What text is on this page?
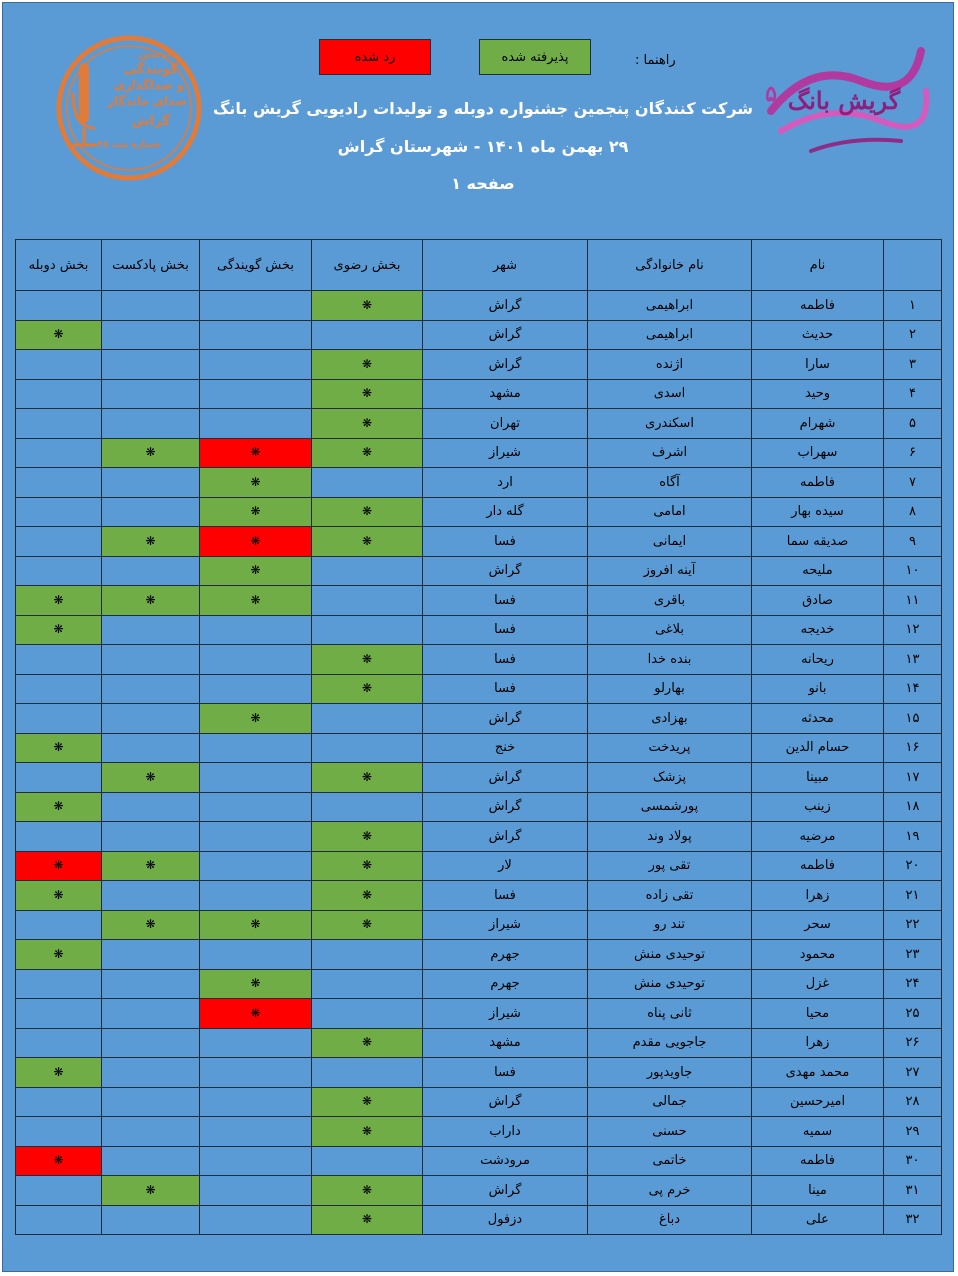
انجمن
گویندگی
و صداگذاری
صدای ماندگار
گراش
شماره ثبت ۳۸
گریش بانگ
۵
راهنما :
پذیرفته شده
رد شده
شرکت کنندگان پنجمین جشنواره دوبله و تولیدات رادیویی گریش بانگ
۲۹ بهمن ماه ۱۴۰۱ - شهرستان گراش
صفحه ۱
	نام	نام خانوادگی	شهر	بخش رضوی	بخش گویندگی	بخش پادکست	بخش دوبله
۱	فاطمه	ابراهیمی	گراش	❋			
۲	حدیث	ابراهیمی	گراش				❋
۳	سارا	اژنده	گراش	❋			
۴	وحید	اسدی	مشهد	❋			
۵	شهرام	اسکندری	تهران	❋			
۶	سهراب	اشرف	شیراز	❋	❋	❋	
۷	فاطمه	آگاه	ارد		❋		
۸	سیده بهار	امامی	گله دار	❋	❋		
۹	صدیقه سما	ایمانی	فسا	❋	❋	❋	
۱۰	ملیحه	آینه افروز	گراش		❋		
۱۱	صادق	باقری	فسا		❋	❋	❋
۱۲	خدیجه	بلاغی	فسا				❋
۱۳	ریحانه	بنده خدا	فسا	❋			
۱۴	بانو	بهارلو	فسا	❋			
۱۵	محدثه	بهزادی	گراش		❋		
۱۶	حسام الدین	پریدخت	خنج				❋
۱۷	مبینا	پزشک	گراش	❋		❋	
۱۸	زینب	پورشمسی	گراش				❋
۱۹	مرضیه	پولاد وند	گراش	❋			
۲۰	فاطمه	تقی پور	لار	❋		❋	❋
۲۱	زهرا	تقی زاده	فسا	❋			❋
۲۲	سحر	تند رو	شیراز	❋	❋	❋	
۲۳	محمود	توحیدی منش	جهرم				❋
۲۴	غزل	توحیدی منش	جهرم		❋		
۲۵	محیا	ثانی پناه	شیراز		❋		
۲۶	زهرا	جاجویی مقدم	مشهد	❋			
۲۷	محمد مهدی	جاویدپور	فسا				❋
۲۸	امیرحسین	جمالی	گراش	❋			
۲۹	سمیه	حسنی	داراب	❋			
۳۰	فاطمه	خاتمی	مرودشت				❋
۳۱	مینا	خرم پی	گراش	❋		❋	
۳۲	علی	دباغ	دزفول	❋			
